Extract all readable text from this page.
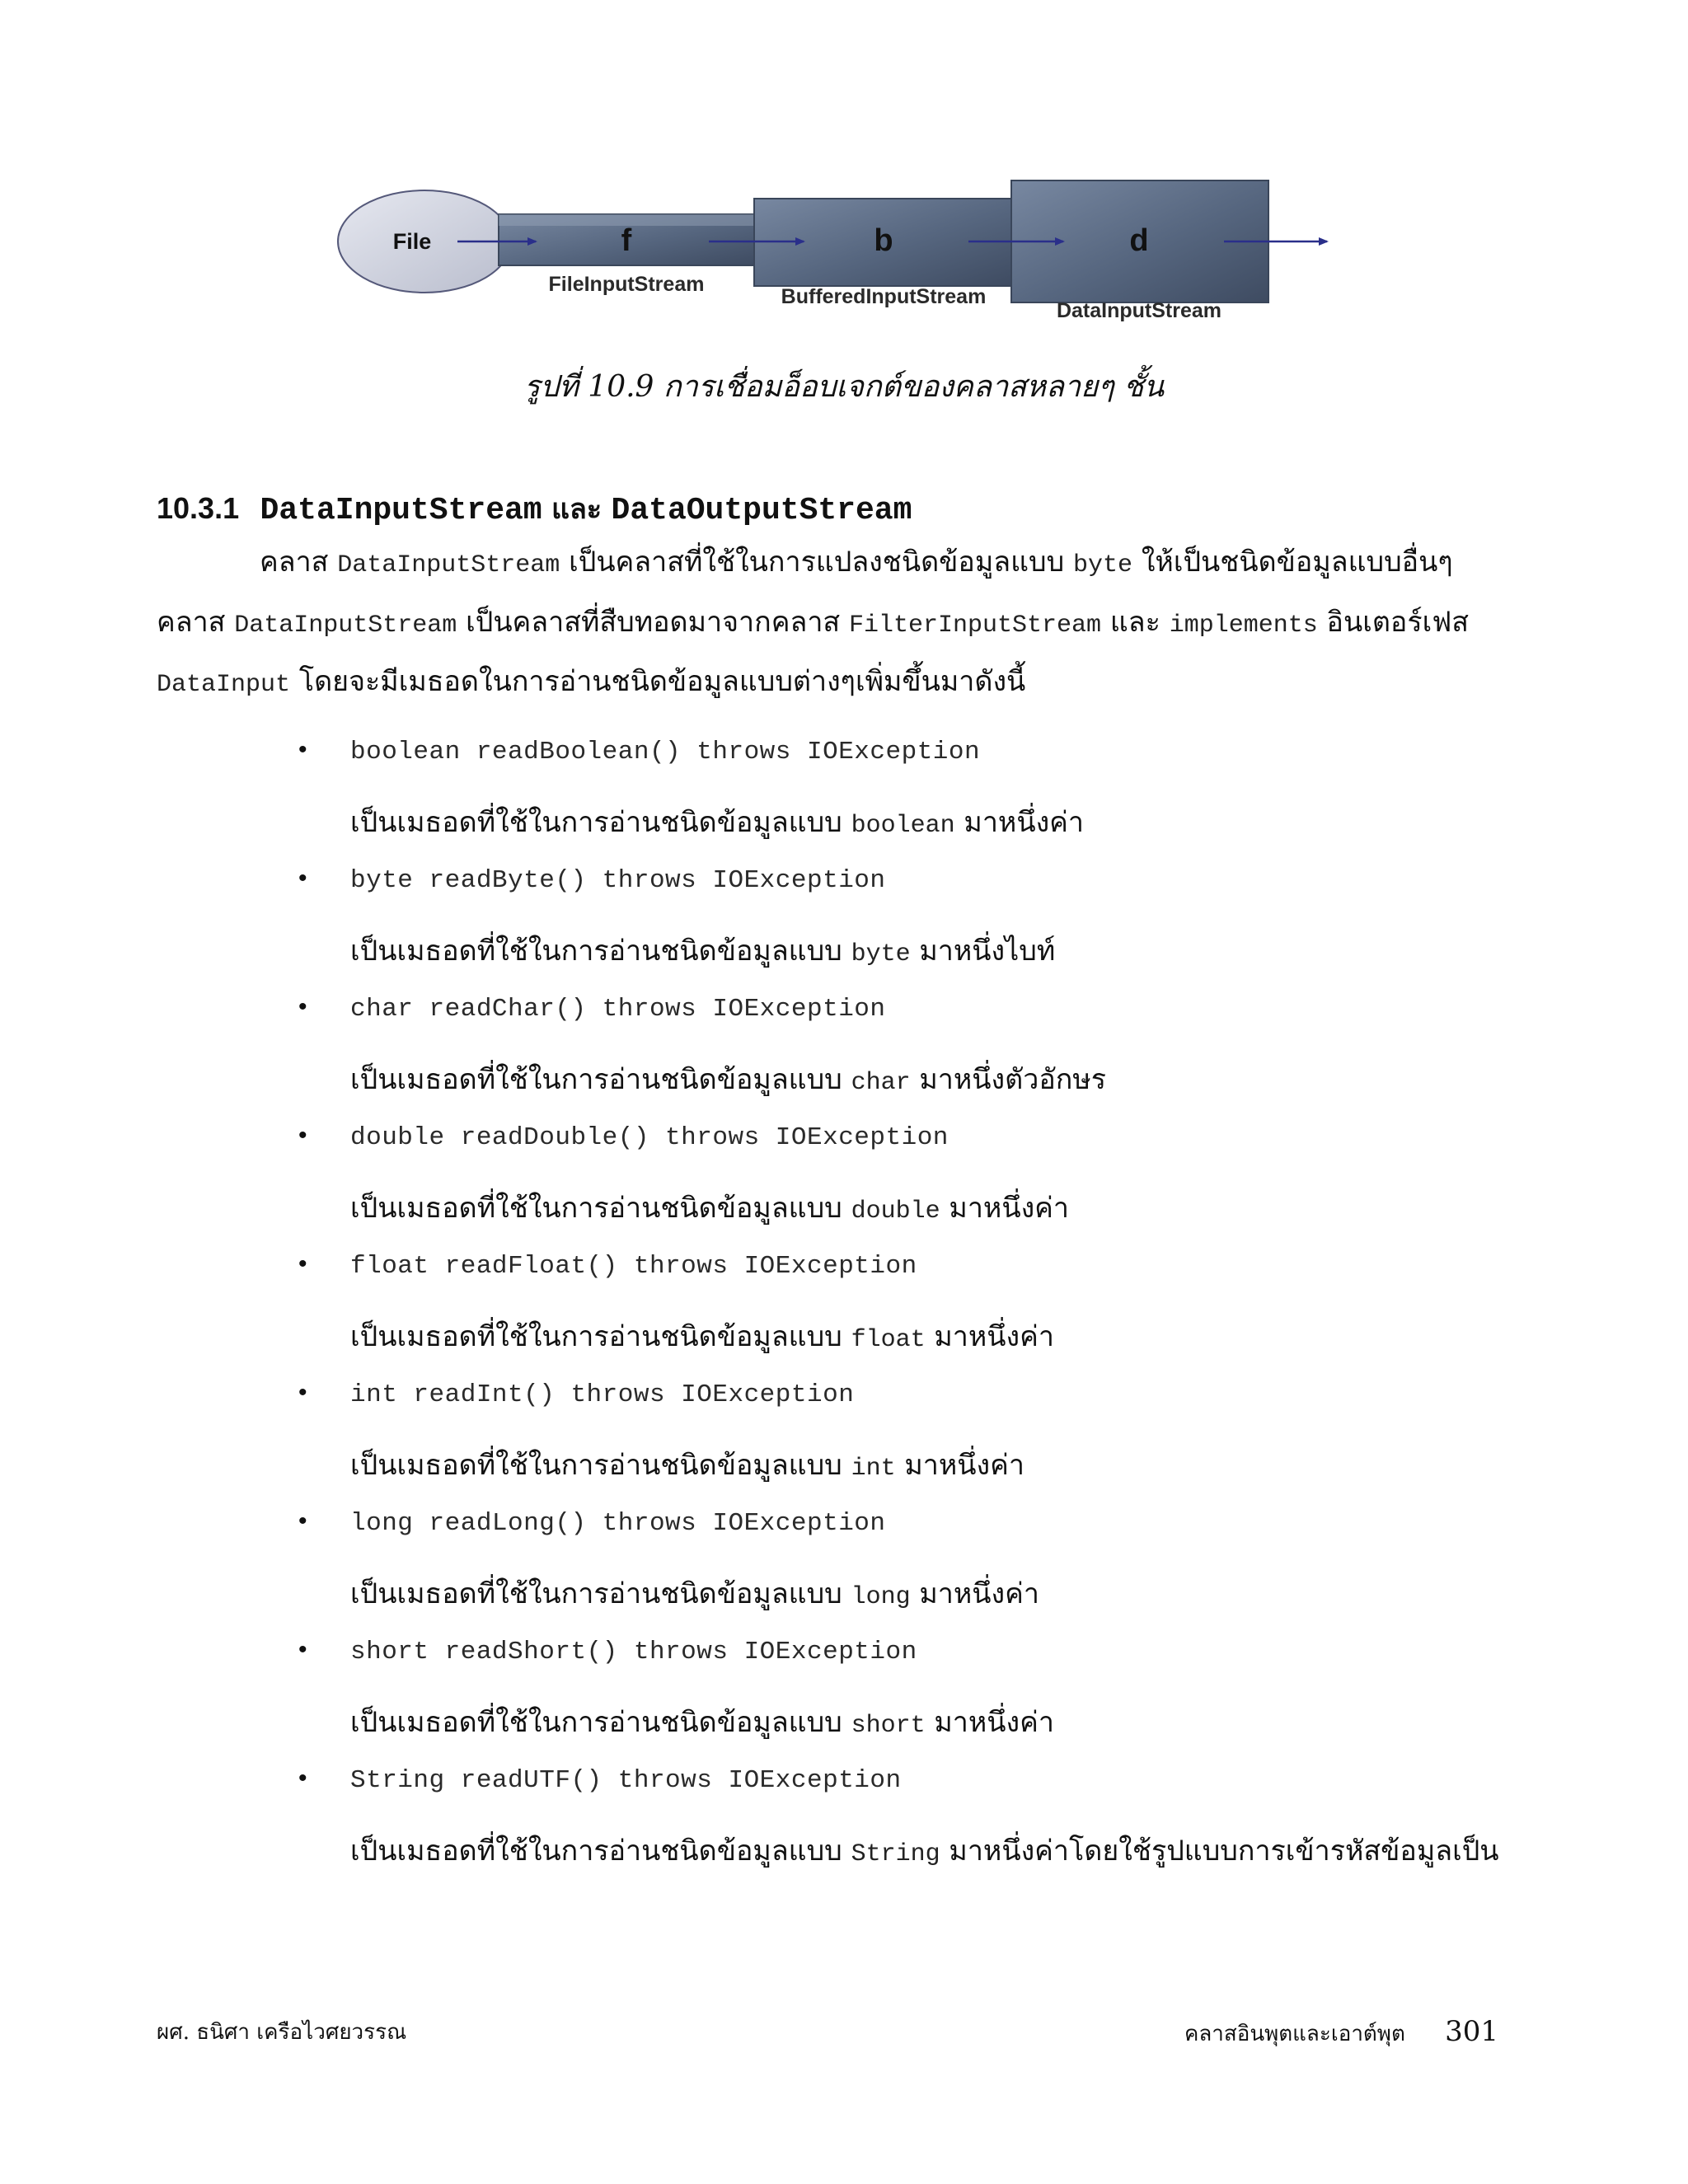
File	f	b	d
FileInputStream
BufferedInputStream
DataInputStream
รูปที่ 10.9 การเชื่อมอ็อบเจกต์ของคลาสหลายๆ ชั้น
10.3.1 DataInputStream และ DataOutputStream
คลาส DataInputStream เป็นคลาสที่ใช้ในการแปลงชนิดข้อมูลแบบ byte ให้เป็นชนิดข้อมูลแบบอื่นๆ
คลาส DataInputStream เป็นคลาสที่สืบทอดมาจากคลาส FilterInputStream และ implements อินเตอร์เฟส
DataInput โดยจะมีเมธอดในการอ่านชนิดข้อมูลแบบต่างๆเพิ่มขึ้นมาดังนี้
• boolean readBoolean() throws IOException
เป็นเมธอดที่ใช้ในการอ่านชนิดข้อมูลแบบ boolean มาหนึ่งค่า
• byte readByte() throws IOException
เป็นเมธอดที่ใช้ในการอ่านชนิดข้อมูลแบบ byte มาหนึ่งไบท์
• char readChar() throws IOException
เป็นเมธอดที่ใช้ในการอ่านชนิดข้อมูลแบบ char มาหนึ่งตัวอักษร
• double readDouble() throws IOException
เป็นเมธอดที่ใช้ในการอ่านชนิดข้อมูลแบบ double มาหนึ่งค่า
• float readFloat() throws IOException
เป็นเมธอดที่ใช้ในการอ่านชนิดข้อมูลแบบ float มาหนึ่งค่า
• int readInt() throws IOException
เป็นเมธอดที่ใช้ในการอ่านชนิดข้อมูลแบบ int มาหนึ่งค่า
• long readLong() throws IOException
เป็นเมธอดที่ใช้ในการอ่านชนิดข้อมูลแบบ long มาหนึ่งค่า
• short readShort() throws IOException
เป็นเมธอดที่ใช้ในการอ่านชนิดข้อมูลแบบ short มาหนึ่งค่า
• String readUTF() throws IOException
เป็นเมธอดที่ใช้ในการอ่านชนิดข้อมูลแบบ String มาหนึ่งค่าโดยใช้รูปแบบการเข้ารหัสข้อมูลเป็น
ผศ. ธนิศา เครือไวศยวรรณ	คลาสอินพุตและเอาต์พุต 301
